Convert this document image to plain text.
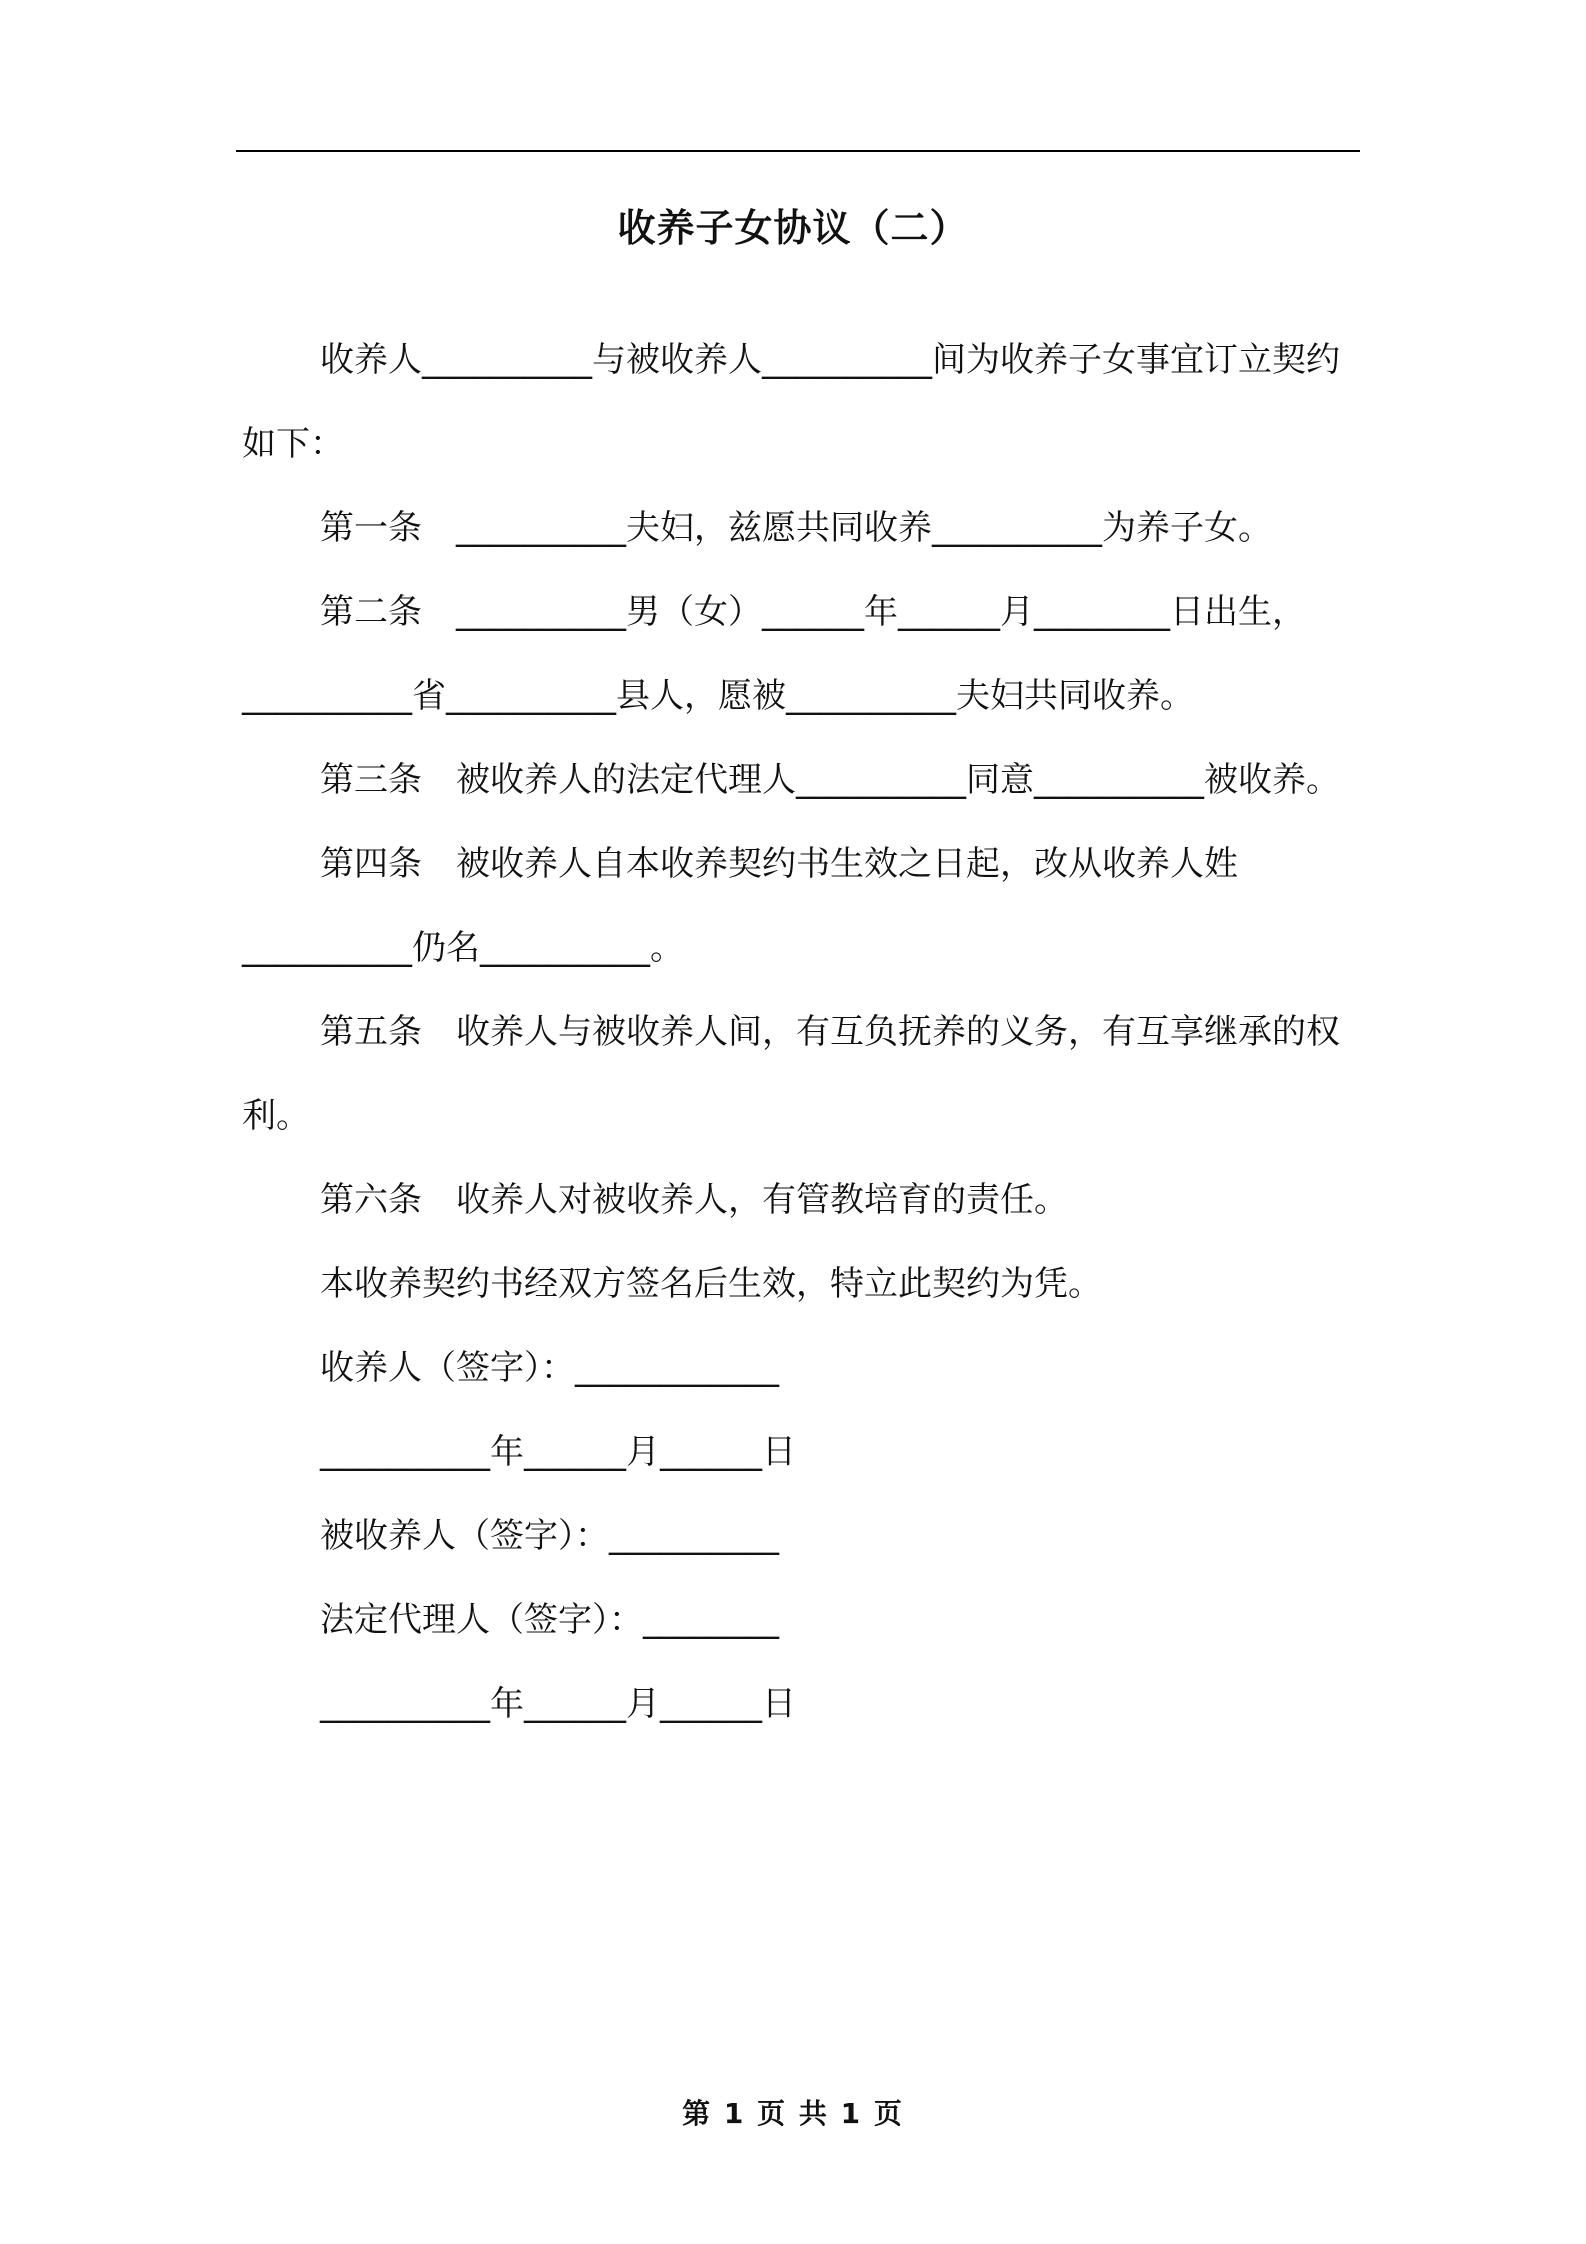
收养子女协议（二）

收养人__________与被收养人__________间为收养子女事宜订立契约如下：

第一条　__________夫妇，兹愿共同收养__________为养子女。

第二条　__________男（女）______年______月________日出生，__________省__________县人，愿被__________夫妇共同收养。

第三条　被收养人的法定代理人__________同意__________被收养。

第四条　被收养人自本收养契约书生效之日起，改从收养人姓__________仍名__________。

第五条　收养人与被收养人间，有互负抚养的义务，有互享继承的权利。

第六条　收养人对被收养人，有管教培育的责任。

本收养契约书经双方签名后生效，特立此契约为凭。

收养人（签字）：____________

__________年______月______日

被收养人（签字）：__________

法定代理人（签字）：________

__________年______月______日

第 1 页 共 1 页
